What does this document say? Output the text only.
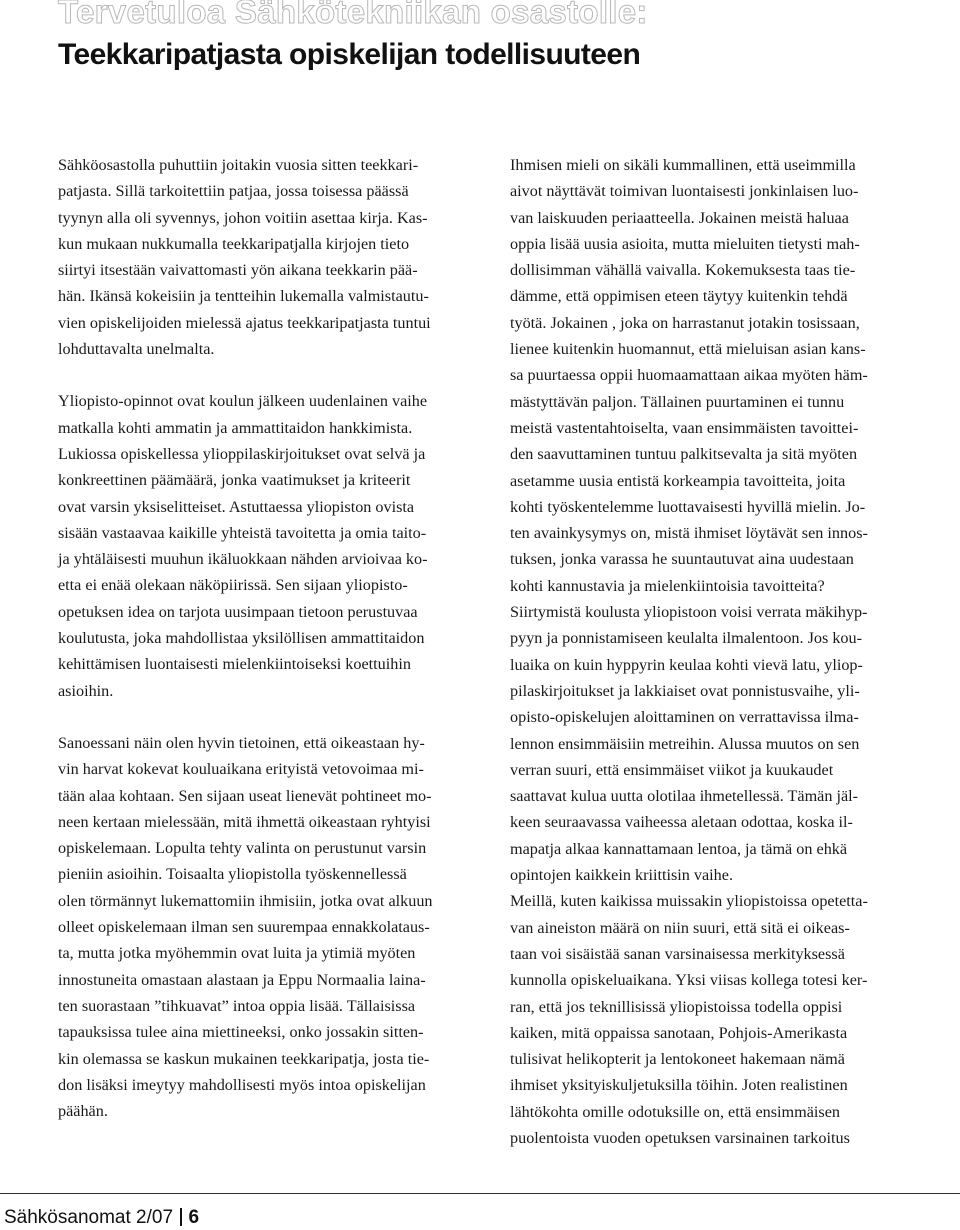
Tervetuloa Sähkötekniikan osastolle:
Teekkaripatjasta opiskelijan todellisuuteen

Sähköosastolla puhuttiin joitakin vuosia sitten teekkari-
patjasta. Sillä tarkoitettiin patjaa, jossa toisessa päässä
tyynyn alla oli syvennys, johon voitiin asettaa kirja. Kas-
kun mukaan nukkumalla teekkaripatjalla kirjojen tieto
siirtyi itsestään vaivattomasti yön aikana teekkarin pää-
hän. Ikänsä kokeisiin ja tentteihin lukemalla valmistautu-
vien opiskelijoiden mielessä ajatus teekkaripatjasta tuntui
lohduttavalta unelmalta.

Yliopisto-opinnot ovat koulun jälkeen uudenlainen vaihe
matkalla kohti ammatin ja ammattitaidon hankkimista.
Lukiossa opiskellessa ylioppilaskirjoitukset ovat selvä ja
konkreettinen päämäärä, jonka vaatimukset ja kriteerit
ovat varsin yksiselitteiset. Astuttaessa yliopiston ovista
sisään vastaavaa kaikille yhteistä tavoitetta ja omia taito-
ja yhtäläisesti muuhun ikäluokkaan nähden arvioivaa ko-
etta ei enää olekaan näköpiirissä. Sen sijaan yliopisto-
opetuksen idea on tarjota uusimpaan tietoon perustuvaa
koulutusta, joka mahdollistaa yksilöllisen ammattitaidon
kehittämisen luontaisesti mielenkiintoiseksi koettuihin
asioihin.

Sanoessani näin olen hyvin tietoinen, että oikeastaan hy-
vin harvat kokevat kouluaikana erityistä vetovoimaa mi-
tään alaa kohtaan. Sen sijaan useat lienevät pohtineet mo-
neen kertaan mielessään, mitä ihmettä oikeastaan ryhtyisi
opiskelemaan. Lopulta tehty valinta on perustunut varsin
pieniin asioihin. Toisaalta yliopistolla työskennellessä
olen törmännyt lukemattomiin ihmisiin, jotka ovat alkuun
olleet opiskelemaan ilman sen suurempaa ennakkolataus-
ta, mutta jotka myöhemmin ovat luita ja ytimiä myöten
innostuneita omastaan alastaan ja Eppu Normaalia laina-
ten suorastaan ”tihkuavat” intoa oppia lisää. Tällaisissa
tapauksissa tulee aina miettineeksi, onko jossakin sitten-
kin olemassa se kaskun mukainen teekkaripatja, josta tie-
don lisäksi imeytyy mahdollisesti myös intoa opiskelijan
päähän.

Ihmisen mieli on sikäli kummallinen, että useimmilla
aivot näyttävät toimivan luontaisesti jonkinlaisen luo-
van laiskuuden periaatteella. Jokainen meistä haluaa
oppia lisää uusia asioita, mutta mieluiten tietysti mah-
dollisimman vähällä vaivalla. Kokemuksesta taas tie-
dämme, että oppimisen eteen täytyy kuitenkin tehdä
työtä. Jokainen , joka on harrastanut jotakin tosissaan,
lienee kuitenkin huomannut, että mieluisan asian kans-
sa puurtaessa oppii huomaamattaan aikaa myöten häm-
mästyttävän paljon. Tällainen puurtaminen ei tunnu
meistä vastentahtoiselta, vaan ensimmäisten tavoittei-
den saavuttaminen tuntuu palkitsevalta ja sitä myöten
asetamme uusia entistä korkeampia tavoitteita, joita
kohti työskentelemme luottavaisesti hyvillä mielin. Jo-
ten avainkysymys on, mistä ihmiset löytävät sen innos-
tuksen, jonka varassa he suuntautuvat aina uudestaan
kohti kannustavia ja mielenkiintoisia tavoitteita?
Siirtymistä koulusta yliopistoon voisi verrata mäkihyp-
pyyn ja ponnistamiseen keulalta ilmalentoon. Jos kou-
luaika on kuin hyppyrin keulaa kohti vievä latu, yliop-
pilaskirjoitukset ja lakkiaiset ovat ponnistusvaihe, yli-
opisto-opiskelujen aloittaminen on verrattavissa ilma-
lennon ensimmäisiin metreihin. Alussa muutos on sen
verran suuri, että ensimmäiset viikot ja kuukaudet
saattavat kulua uutta olotilaa ihmetellessä. Tämän jäl-
keen seuraavassa vaiheessa aletaan odottaa, koska il-
mapatja alkaa kannattamaan lentoa, ja tämä on ehkä
opintojen kaikkein kriittisin vaihe.

Meillä, kuten kaikissa muissakin yliopistoissa opetetta-
van aineiston määrä on niin suuri, että sitä ei oikeas-
taan voi sisäistää sanan varsinaisessa merkityksessä
kunnolla opiskeluaikana. Yksi viisas kollega totesi ker-
ran, että jos teknillisissä yliopistoissa todella oppisi
kaiken, mitä oppaissa sanotaan, Pohjois-Amerikasta
tulisivat helikopterit ja lentokoneet hakemaan nämä
ihmiset yksityiskuljetuksilla töihin. Joten realistinen
lähtökohta omille odotuksille on, että ensimmäisen
puolentoista vuoden opetuksen varsinainen tarkoitus

Sähkösanomat 2/07 6
